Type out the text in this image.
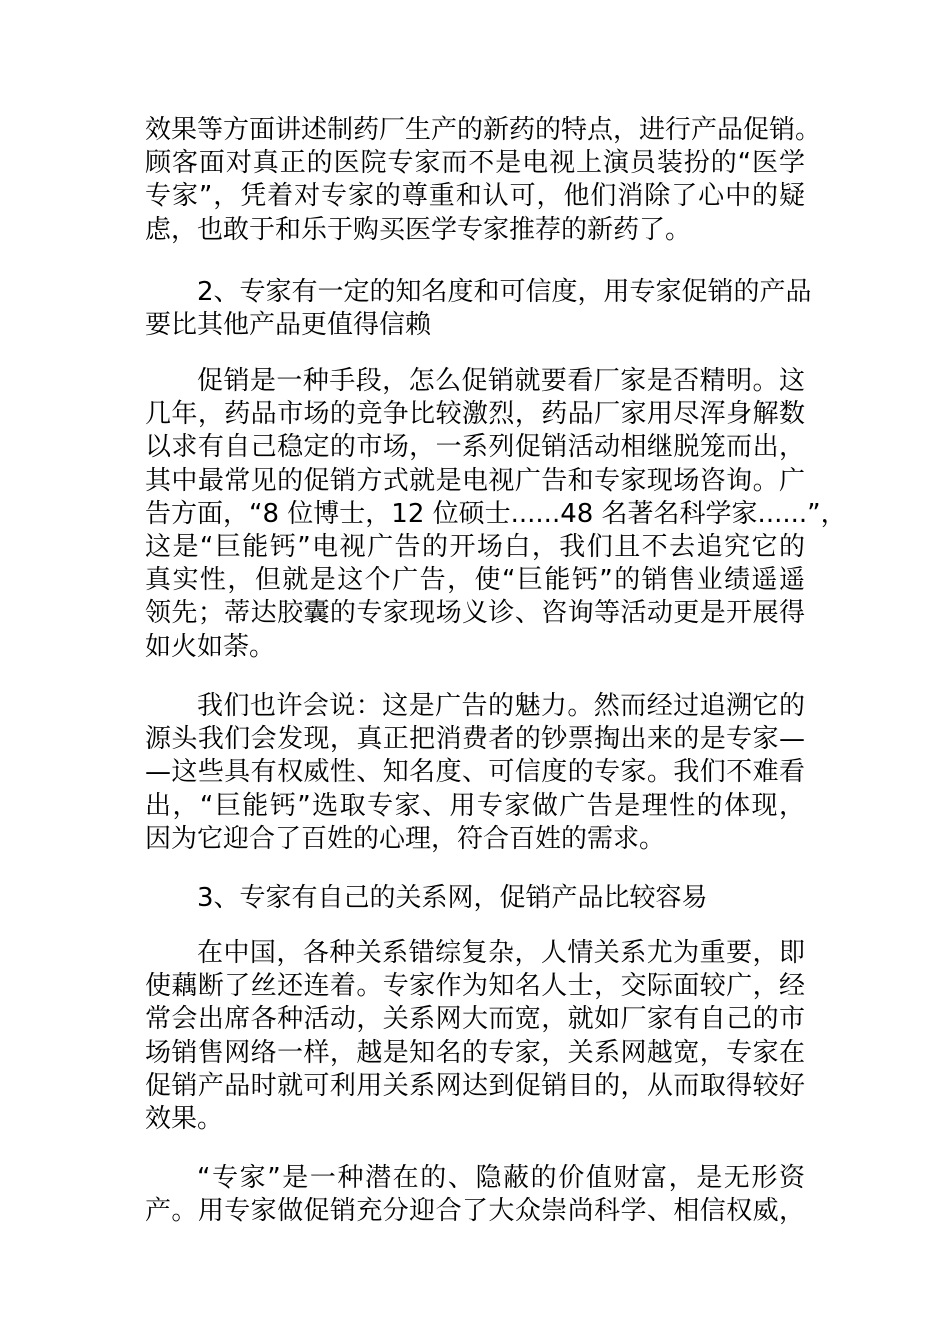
效果等方面讲述制药厂生产的新药的特点，进行产品促销。
顾客面对真正的医院专家而不是电视上演员装扮的“医学
专家”，凭着对专家的尊重和认可，他们消除了心中的疑
虑，也敢于和乐于购买医学专家推荐的新药了。
2、专家有一定的知名度和可信度，用专家促销的产品
要比其他产品更值得信赖
促销是一种手段，怎么促销就要看厂家是否精明。这
几年，药品市场的竞争比较激烈，药品厂家用尽浑身解数
以求有自己稳定的市场，一系列促销活动相继脱笼而出，
其中最常见的促销方式就是电视广告和专家现场咨询。广
告方面，“8 位博士，12 位硕士......48 名著名科学家......”，
这是“巨能钙”电视广告的开场白，我们且不去追究它的
真实性，但就是这个广告，使“巨能钙”的销售业绩遥遥
领先；蒂达胶囊的专家现场义诊、咨询等活动更是开展得
如火如荼。
我们也许会说：这是广告的魅力。然而经过追溯它的
源头我们会发现，真正把消费者的钞票掏出来的是专家—
—这些具有权威性、知名度、可信度的专家。我们不难看
出，“巨能钙”选取专家、用专家做广告是理性的体现，
因为它迎合了百姓的心理，符合百姓的需求。
3、专家有自己的关系网，促销产品比较容易
在中国，各种关系错综复杂，人情关系尤为重要，即
使藕断了丝还连着。专家作为知名人士，交际面较广，经
常会出席各种活动，关系网大而宽，就如厂家有自己的市
场销售网络一样，越是知名的专家，关系网越宽，专家在
促销产品时就可利用关系网达到促销目的，从而取得较好
效果。
“专家”是一种潜在的、隐蔽的价值财富，是无形资
产。用专家做促销充分迎合了大众崇尚科学、相信权威，
